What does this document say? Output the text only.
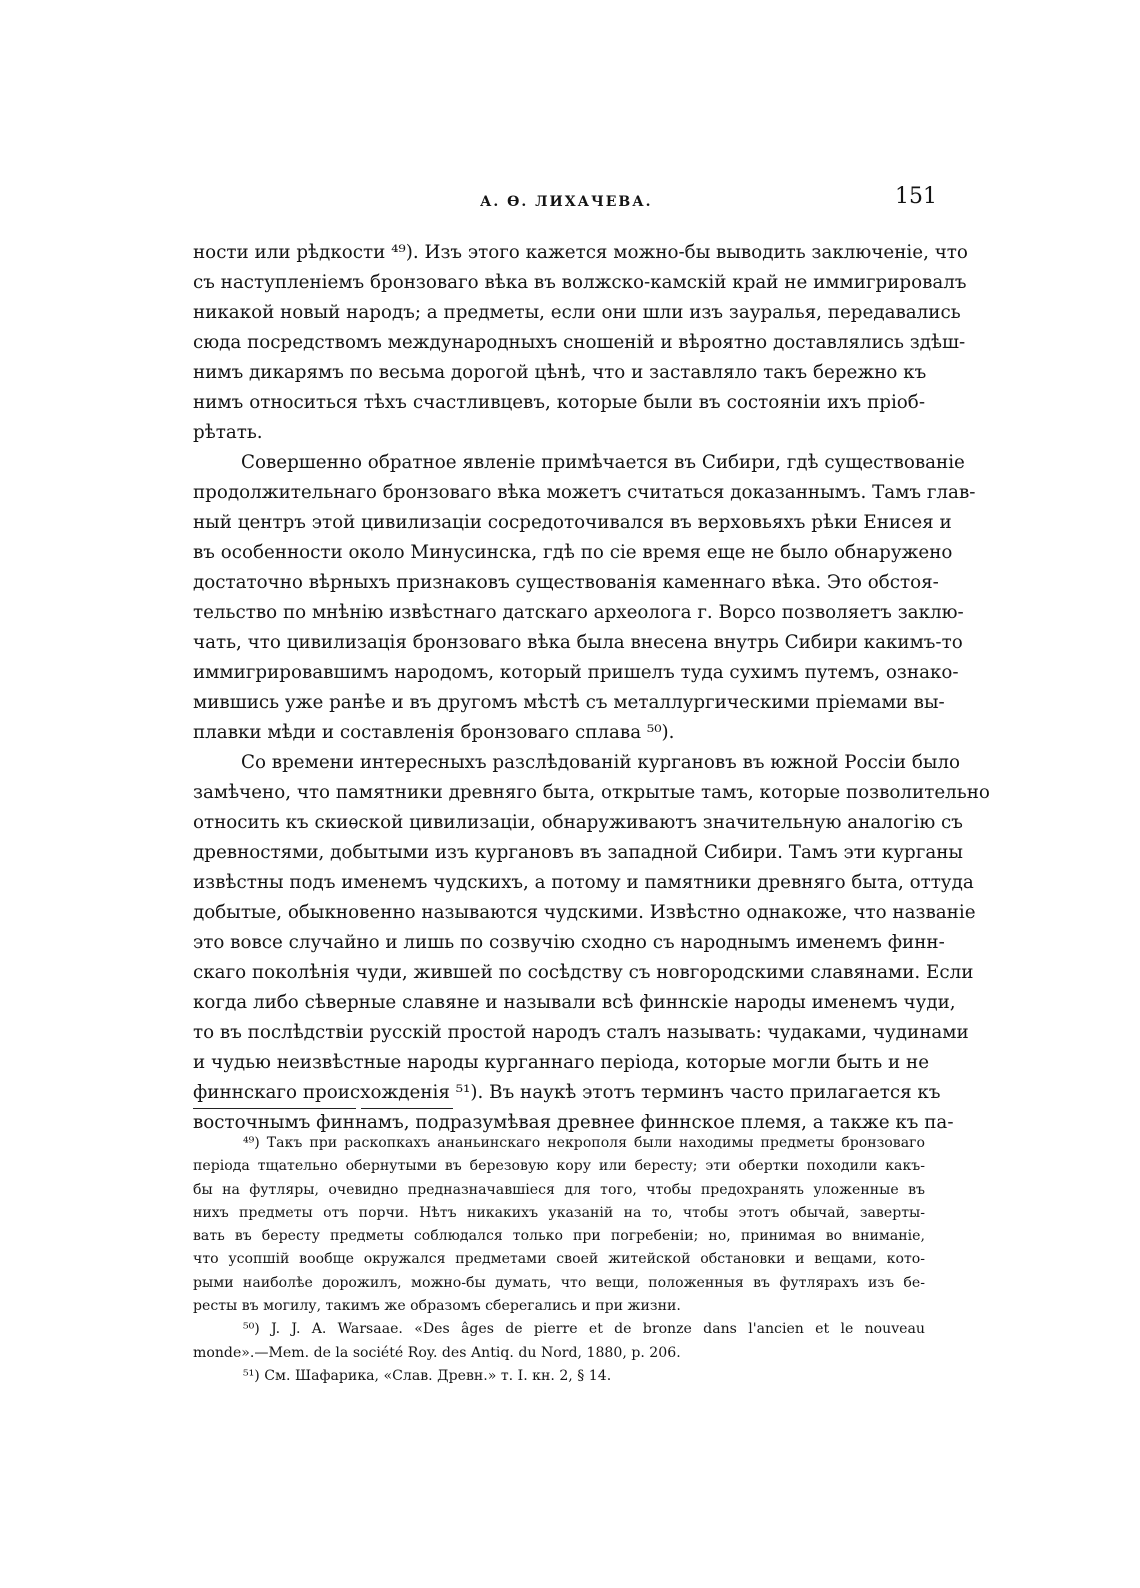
А. Ѳ. ЛИХАЧЕВА.	151
ности или рѣдкости ⁴⁹). Изъ этого кажется можно-бы выводить заключеніе, что
съ наступленіемъ бронзоваго вѣка въ волжско-камскій край не иммигрировалъ
никакой новый народъ; а предметы, если они шли изъ зауралья, передавались
сюда посредствомъ международныхъ сношеній и вѣроятно доставлялись здѣш-
нимъ дикарямъ по весьма дорогой цѣнѣ, что и заставляло такъ бережно къ
нимъ относиться тѣхъ счастливцевъ, которые были въ состояніи ихъ пріоб-
рѣтать.
Совершенно обратное явленіе примѣчается въ Сибири, гдѣ существованіе
продолжительнаго бронзоваго вѣка можетъ считаться доказаннымъ. Тамъ глав-
ный центръ этой цивилизаціи сосредоточивался въ верховьяхъ рѣки Енисея и
въ особенности около Минусинска, гдѣ по сіе время еще не было обнаружено
достаточно вѣрныхъ признаковъ существованія каменнаго вѣка. Это обстоя-
тельство по мнѣнію извѣстнаго датскаго археолога г. Ворсо позволяетъ заклю-
чать, что цивилизація бронзоваго вѣка была внесена внутрь Сибири какимъ-то
иммигрировавшимъ народомъ, который пришелъ туда сухимъ путемъ, ознако-
мившись уже ранѣе и въ другомъ мѣстѣ съ металлургическими пріемами вы-
плавки мѣди и составленія бронзоваго сплава ⁵⁰).
Со времени интересныхъ разслѣдованій кургановъ въ южной Россіи было
замѣчено, что памятники древняго быта, открытые тамъ, которые позволительно
относить къ скиѳской цивилизаціи, обнаруживаютъ значительную аналогію съ
древностями, добытыми изъ кургановъ въ западной Сибири. Тамъ эти курганы
извѣстны подъ именемъ чудскихъ, а потому и памятники древняго быта, оттуда
добытые, обыкновенно называются чудскими. Извѣстно однакоже, что названіе
это вовсе случайно и лишь по созвучію сходно съ народнымъ именемъ финн-
скаго поколѣнія чуди, жившей по сосѣдству съ новгородскими славянами. Если
когда либо сѣверные славяне и называли всѣ финнскіе народы именемъ чуди,
то въ послѣдствіи русскій простой народъ сталъ называть: чудаками, чудинами
и чудью неизвѣстные народы курганнаго періода, которые могли быть и не
финнскаго происхожденія ⁵¹). Въ наукѣ этотъ терминъ часто прилагается къ
восточнымъ финнамъ, подразумѣвая древнее финнское племя, а также къ па-
⁴⁹) Такъ при раскопкахъ ананьинскаго некрополя были находимы предметы бронзоваго
періода тщательно обернутыми въ березовую кору или бересту; эти обертки походили какъ-
бы на футляры, очевидно предназначавшіеся для того, чтобы предохранять уложенные въ
нихъ предметы отъ порчи. Нѣтъ никакихъ указаній на то, чтобы этотъ обычай, заверты-
вать въ бересту предметы соблюдался только при погребеніи; но, принимая во вниманіе,
что усопшій вообще окружался предметами своей житейской обстановки и вещами, кото-
рыми наиболѣе дорожилъ, можно-бы думать, что вещи, положенныя въ футлярахъ изъ бе-
ресты въ могилу, такимъ же образомъ сберегались и при жизни.
⁵⁰) J. J. A. Warsaae. «Des âges de pierre et de bronze dans l'ancien et le nouveau
monde».—Mem. de la société Roy. des Antiq. du Nord, 1880, p. 206.
⁵¹) См. Шафарика, «Слав. Древн.» т. I. кн. 2, § 14.
